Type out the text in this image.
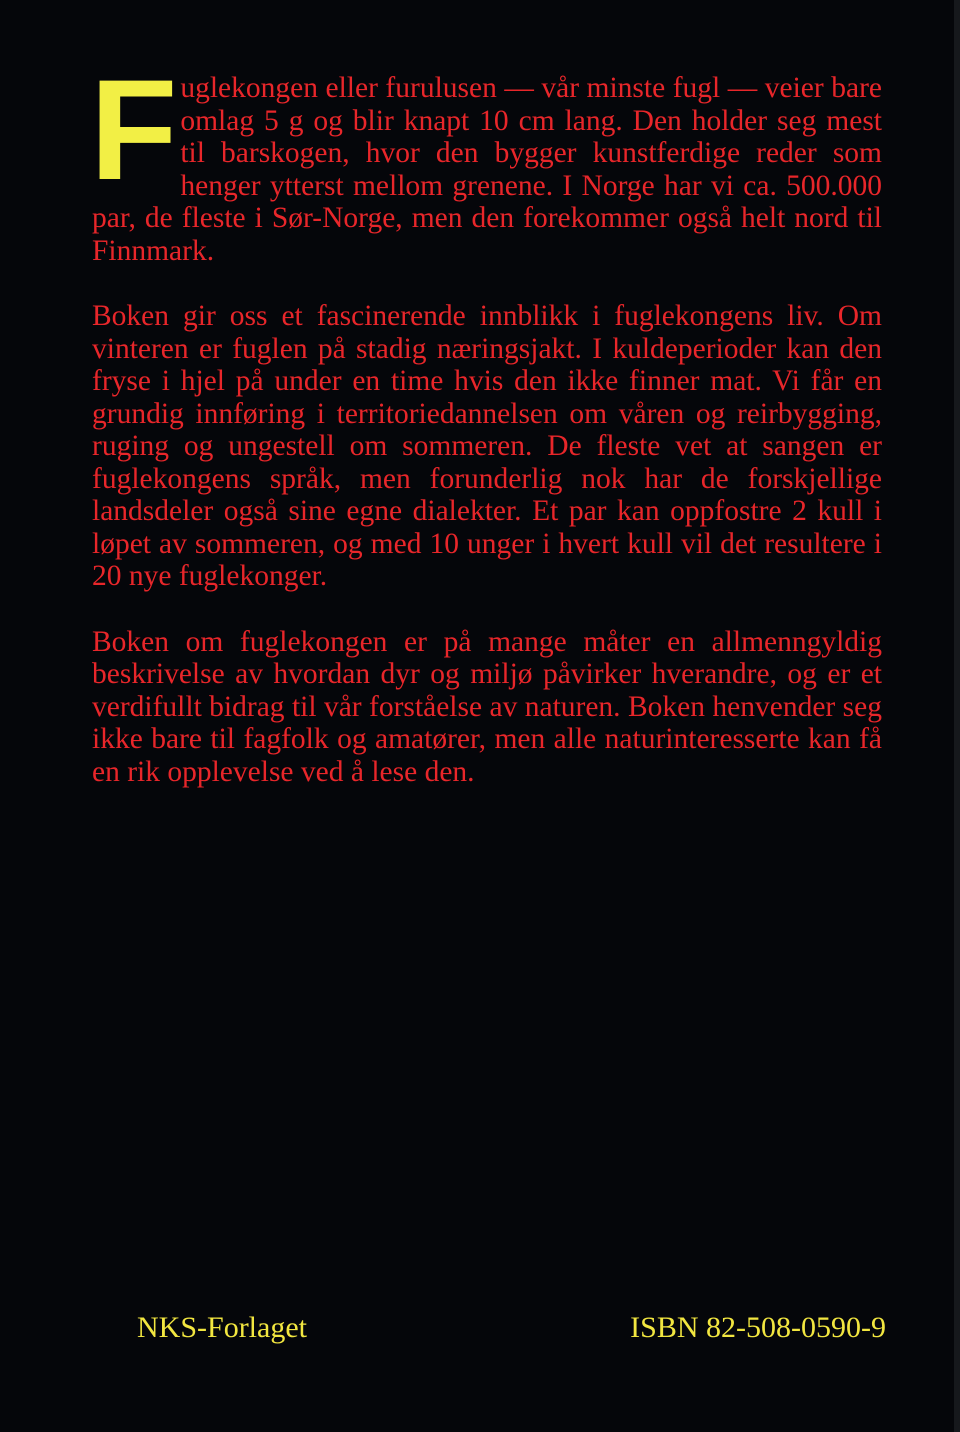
Fuglekongen eller furulusen — vår minste fugl — veier bare omlag 5 g og blir knapt 10 cm lang. Den holder seg mest til barskogen, hvor den bygger kunstferdige reder som henger ytterst mellom grenene. I Norge har vi ca. 500.000 par, de fleste i Sør-Norge, men den forekommer også helt nord til Finnmark.

Boken gir oss et fascinerende innblikk i fuglekongens liv. Om vinteren er fuglen på stadig næringsjakt. I kuldeperioder kan den fryse i hjel på under en time hvis den ikke finner mat. Vi får en grundig innføring i territoriedannelsen om våren og reirbygging, ruging og ungestell om sommeren. De fleste vet at sangen er fuglekongens språk, men forunderlig nok har de forskjellige landsdeler også sine egne dialekter. Et par kan oppfostre 2 kull i løpet av sommeren, og med 10 unger i hvert kull vil det resultere i 20 nye fuglekonger.

Boken om fuglekongen er på mange måter en allmenngyldig beskrivelse av hvordan dyr og miljø påvirker hverandre, og er et verdifullt bidrag til vår forståelse av naturen. Boken henvender seg ikke bare til fagfolk og amatører, men alle naturinteresserte kan få en rik opplevelse ved å lese den.

NKS-Forlaget	ISBN 82-508-0590-9
